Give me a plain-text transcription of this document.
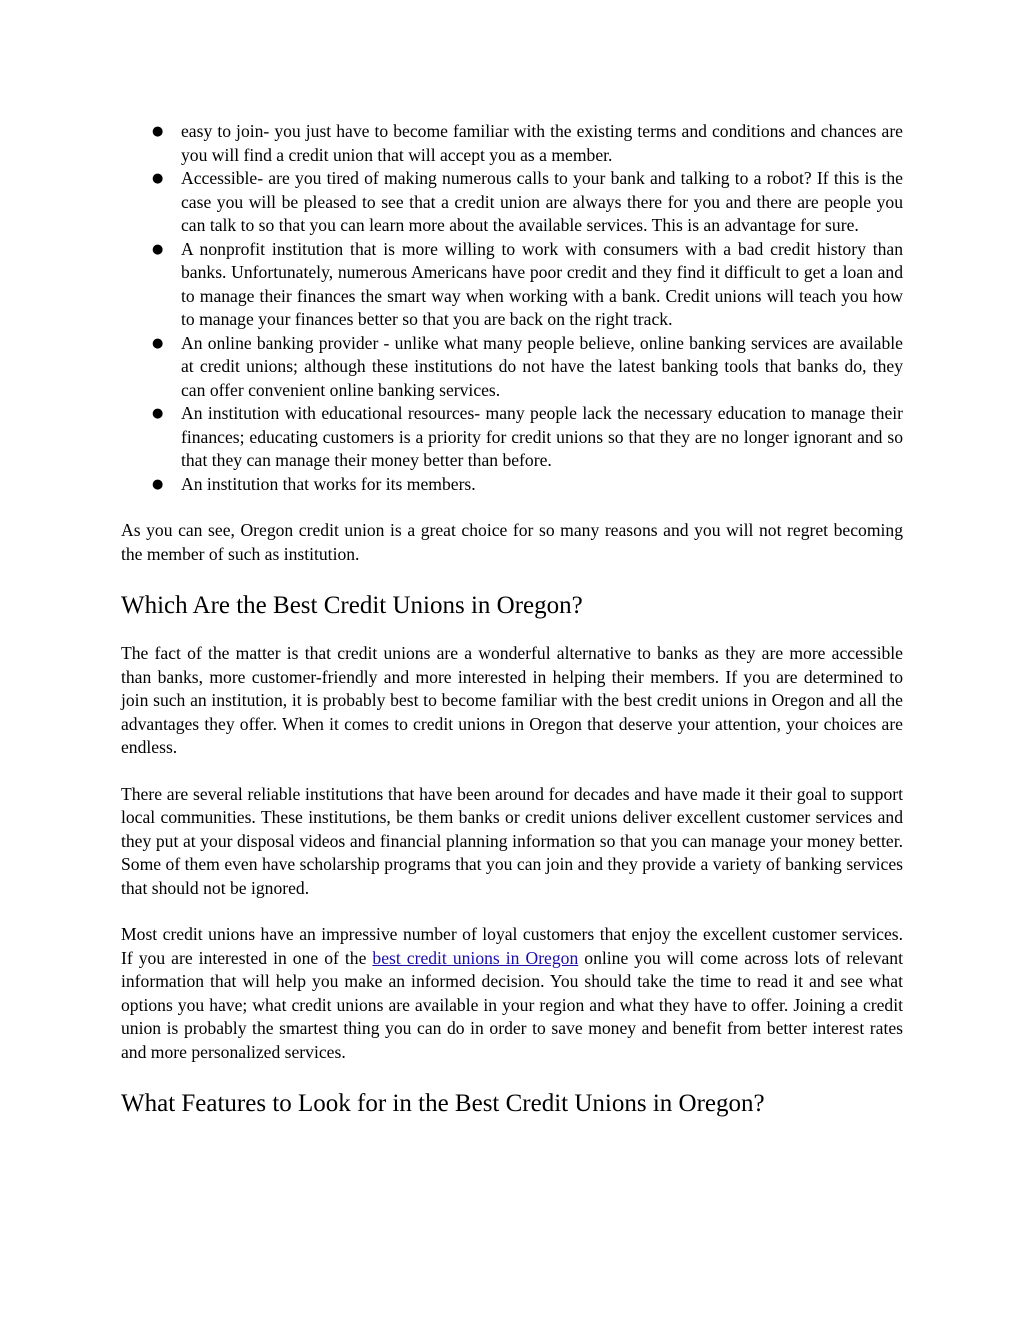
● easy to join- you just have to become familiar with the existing terms and conditions and chances are you will find a credit union that will accept you as a member.
● Accessible- are you tired of making numerous calls to your bank and talking to a robot? If this is the case you will be pleased to see that a credit union are always there for you and there are people you can talk to so that you can learn more about the available services. This is an advantage for sure.
● A nonprofit institution that is more willing to work with consumers with a bad credit history than banks. Unfortunately, numerous Americans have poor credit and they find it difficult to get a loan and to manage their finances the smart way when working with a bank. Credit unions will teach you how to manage your finances better so that you are back on the right track.
● An online banking provider - unlike what many people believe, online banking services are available at credit unions; although these institutions do not have the latest banking tools that banks do, they can offer convenient online banking services.
● An institution with educational resources- many people lack the necessary education to manage their finances; educating customers is a priority for credit unions so that they are no longer ignorant and so that they can manage their money better than before.
● An institution that works for its members.

As you can see, Oregon credit union is a great choice for so many reasons and you will not regret becoming the member of such as institution.

Which Are the Best Credit Unions in Oregon?

The fact of the matter is that credit unions are a wonderful alternative to banks as they are more accessible than banks, more customer-friendly and more interested in helping their members. If you are determined to join such an institution, it is probably best to become familiar with the best credit unions in Oregon and all the advantages they offer. When it comes to credit unions in Oregon that deserve your attention, your choices are endless.

There are several reliable institutions that have been around for decades and have made it their goal to support local communities. These institutions, be them banks or credit unions deliver excellent customer services and they put at your disposal videos and financial planning information so that you can manage your money better. Some of them even have scholarship programs that you can join and they provide a variety of banking services that should not be ignored.

Most credit unions have an impressive number of loyal customers that enjoy the excellent customer services. If you are interested in one of the best credit unions in Oregon online you will come across lots of relevant information that will help you make an informed decision. You should take the time to read it and see what options you have; what credit unions are available in your region and what they have to offer. Joining a credit union is probably the smartest thing you can do in order to save money and benefit from better interest rates and more personalized services.

What Features to Look for in the Best Credit Unions in Oregon?
